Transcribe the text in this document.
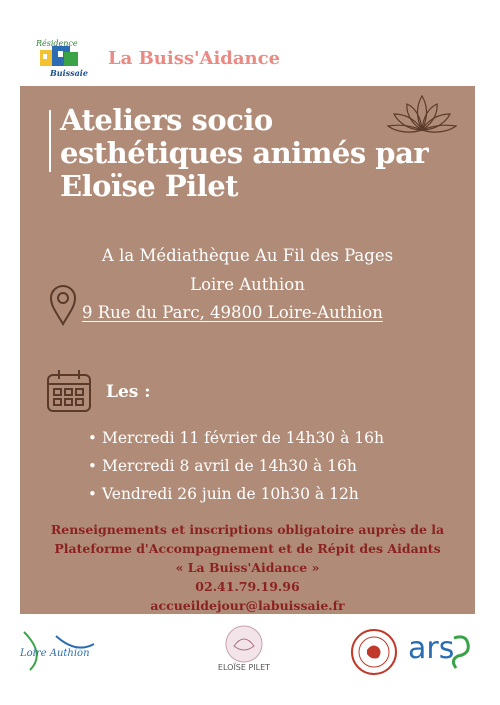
Résidence
Buissaie
La Buiss'Aidance
Ateliers socio
esthétiques animés par
Eloïse Pilet
A la Médiathèque Au Fil des Pages
Loire Authion
9 Rue du Parc, 49800 Loire-Authion
Les :
• Mercredi 11 février de 14h30 à 16h
• Mercredi 8 avril de 14h30 à 16h
• Vendredi 26 juin de 10h30 à 12h
Renseignements et inscriptions obligatoire auprès de la
Plateforme d'Accompagnement et de Répit des Aidants
« La Buiss'Aidance »
02.41.79.19.96
accueildejour@labuissaie.fr
Loire Authion
ELOÏSE PILET
ars
